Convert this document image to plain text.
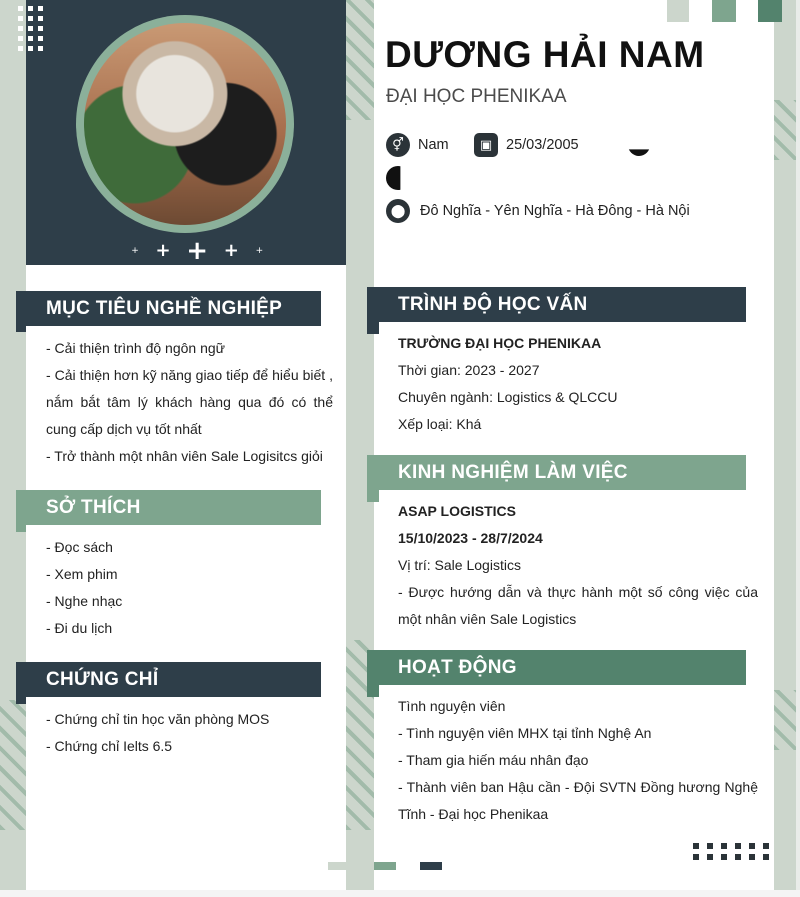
+ + + + +
DƯƠNG HẢI NAM

ĐẠI HỌC PHENIKAA

⚥ Nam	▣ 25/03/2005
⬤	Đô Nghĩa - Yên Nghĩa - Hà Đông - Hà Nội
MỤC TIÊU NGHỀ NGHIỆP

- Cải thiện trình độ ngôn ngữ

- Cải thiện hơn kỹ năng giao tiếp để hiểu biết , nắm bắt tâm lý khách hàng qua đó có thể cung cấp dịch vụ tốt nhất

- Trở thành một nhân viên Sale Logisitcs giỏi

SỞ THÍCH

- Đọc sách

- Xem phim

- Nghe nhạc

- Đi du lịch

CHỨNG CHỈ

- Chứng chỉ tin học văn phòng MOS

- Chứng chỉ Ielts 6.5

TRÌNH ĐỘ HỌC VẤN

TRƯỜNG ĐẠI HỌC PHENIKAA

Thời gian: 2023 - 2027

Chuyên ngành: Logistics & QLCCU

Xếp loại: Khá

KINH NGHIỆM LÀM VIỆC

ASAP LOGISTICS

15/10/2023 - 28/7/2024

Vị trí: Sale Logistics

- Được hướng dẫn và thực hành một số công việc của một nhân viên Sale Logistics

HOẠT ĐỘNG

Tình nguyện viên

- Tình nguyện viên MHX tại tỉnh Nghệ An

- Tham gia hiến máu nhân đạo

- Thành viên ban Hậu cần - Đội SVTN Đồng hương Nghệ Tĩnh - Đại học Phenikaa
